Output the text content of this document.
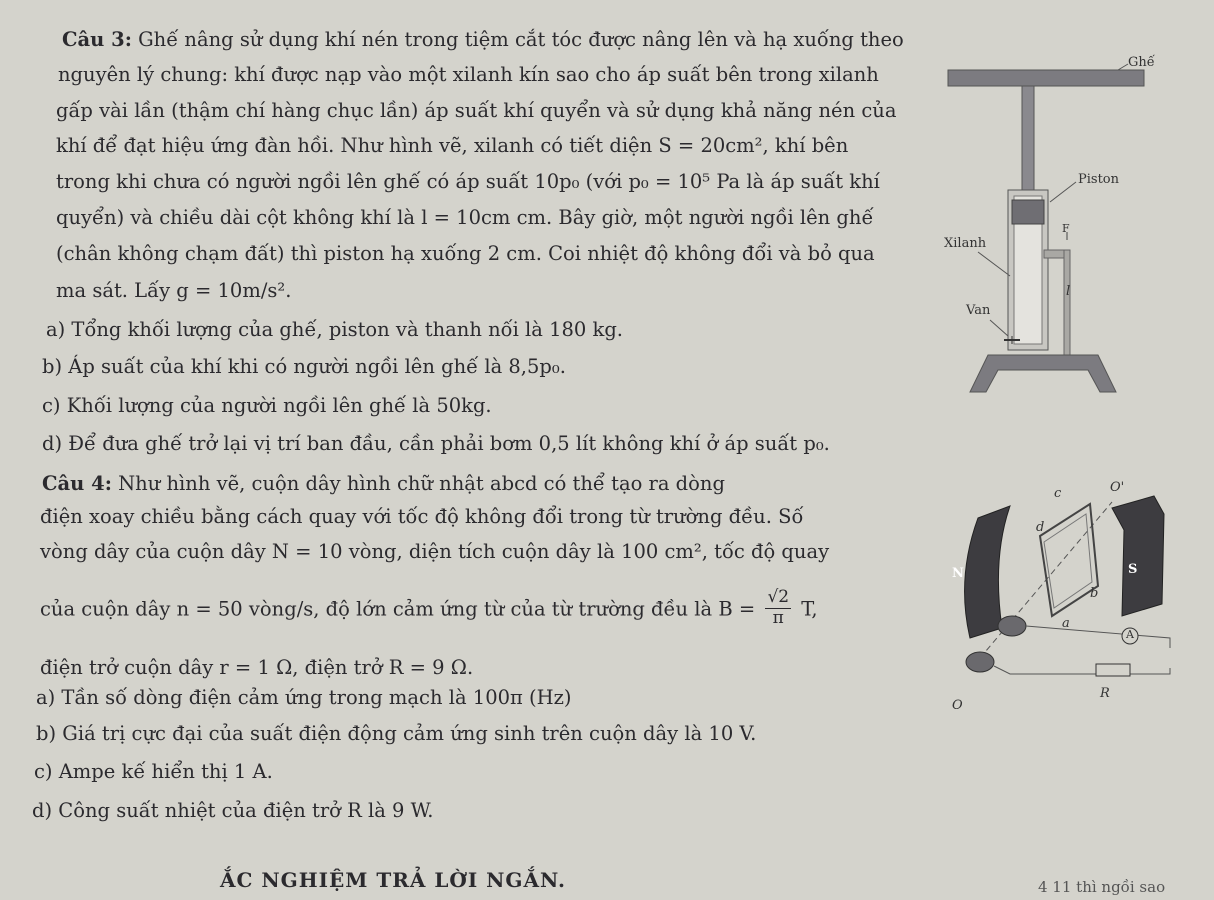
Câu 3: Ghế nâng sử dụng khí nén trong tiệm cắt tóc được nâng lên và hạ xuống theo
nguyên lý chung: khí được nạp vào một xilanh kín sao cho áp suất bên trong xilanh
gấp vài lần (thậm chí hàng chục lần) áp suất khí quyển và sử dụng khả năng nén của
khí để đạt hiệu ứng đàn hồi. Như hình vẽ, xilanh có tiết diện S = 20cm², khí bên
trong khi chưa có người ngồi lên ghế có áp suất 10p₀ (với p₀ = 10⁵ Pa là áp suất khí
quyển) và chiều dài cột không khí là l = 10cm cm. Bây giờ, một người ngồi lên ghế
(chân không chạm đất) thì piston hạ xuống 2 cm. Coi nhiệt độ không đổi và bỏ qua
ma sát. Lấy g = 10m/s².
a) Tổng khối lượng của ghế, piston và thanh nối là 180 kg.
b) Áp suất của khí khi có người ngồi lên ghế là 8,5p₀.
c) Khối lượng của người ngồi lên ghế là 50kg.
d) Để đưa ghế trở lại vị trí ban đầu, cần phải bơm 0,5 lít không khí ở áp suất p₀.
Câu 4: Như hình vẽ, cuộn dây hình chữ nhật abcd có thể tạo ra dòng
điện xoay chiều bằng cách quay với tốc độ không đổi trong từ trường đều. Số
vòng dây của cuộn dây N = 10 vòng, diện tích cuộn dây là 100 cm², tốc độ quay
của cuộn dây n = 50 vòng/s, độ lớn cảm ứng từ của từ trường đều là $B = \frac{√2}{\pi} T$,
điện trở cuộn dây r = 1 Ω, điện trở R = 9 Ω.
a) Tần số dòng điện cảm ứng trong mạch là 100π (Hz)
b) Giá trị cực đại của suất điện động cảm ứng sinh trên cuộn dây là 10 V.
c) Ampe kế hiển thị 1 A.
d) Công suất nhiệt của điện trở R là 9 W.
ẮC NGHIỆM TRẢ LỜI NGẮN.	4 11 thì ngồi sao
Ghế
Piston
Xilanh
F
l
Van
c
d
O'
N	S
b
a
A
R
O
